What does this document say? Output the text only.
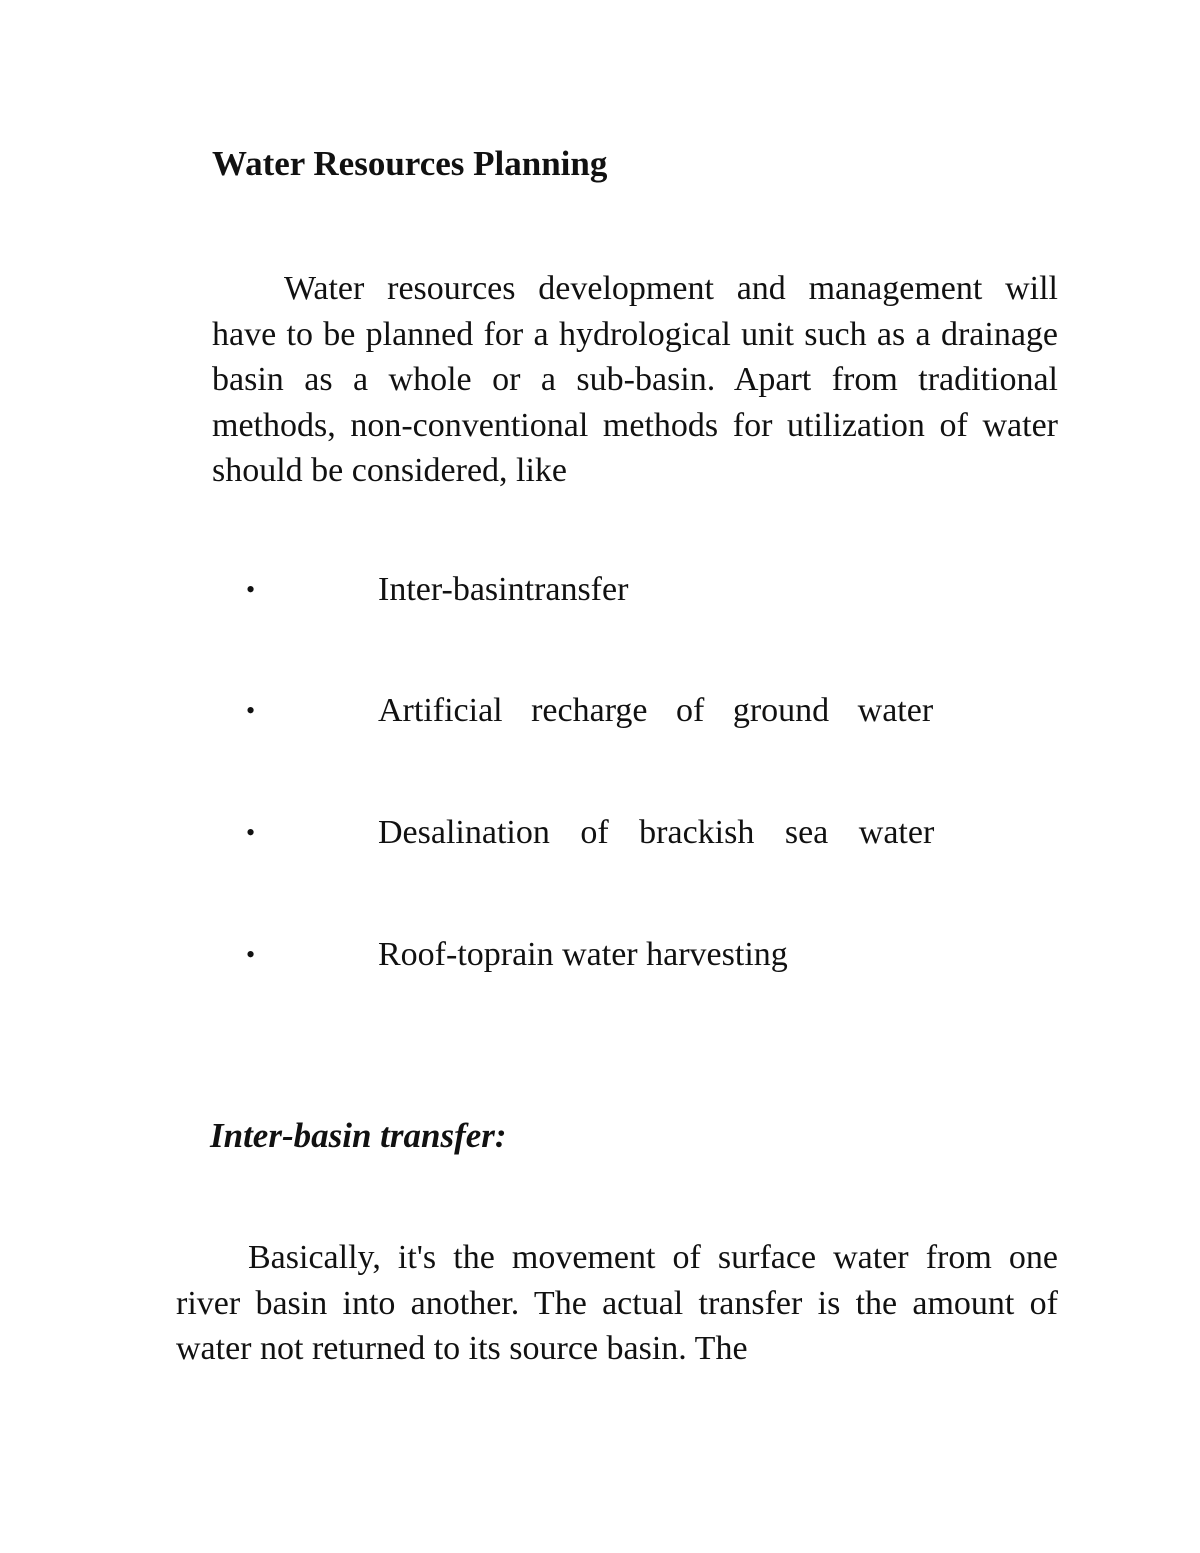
Water Resources Planning

Water resources development and management will have to be planned for a hydrological unit such as a drainage basin as a whole or a sub-basin. Apart from traditional methods, non-conventional methods for utilization of water should be considered, like

•	Inter-basintransfer
•	Artificial recharge of ground water
•	Desalination of brackish sea water
•	Roof-toprain water harvesting
Inter-basin transfer:

Basically, it's the movement of surface water from one river basin into another. The actual transfer is the amount of water not returned to its source basin. The
